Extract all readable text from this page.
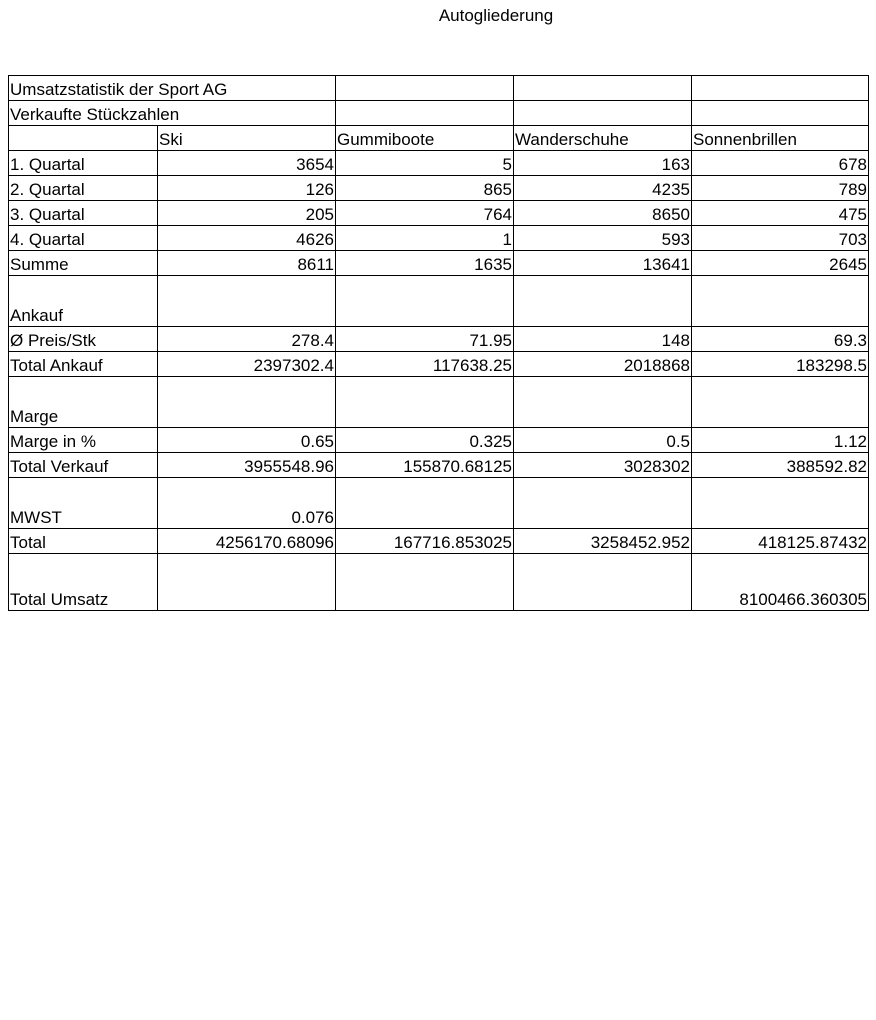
Autogliederung
Umsatzstatistik der Sport AG				
Verkaufte Stückzahlen				
	Ski	Gummiboote	Wanderschuhe	Sonnenbrillen
1. Quartal	3654	5	163	678
2. Quartal	126	865	4235	789
3. Quartal	205	764	8650	475
4. Quartal	4626	1	593	703
Summe	8611	1635	13641	2645
Ankauf				
Ø Preis/Stk	278.4	71.95	148	69.3
Total Ankauf	2397302.4	117638.25	2018868	183298.5
Marge				
Marge in %	0.65	0.325	0.5	1.12
Total Verkauf	3955548.96	155870.68125	3028302	388592.82
MWST	0.076			
Total	4256170.68096	167716.853025	3258452.952	418125.87432
Total Umsatz				8100466.360305
